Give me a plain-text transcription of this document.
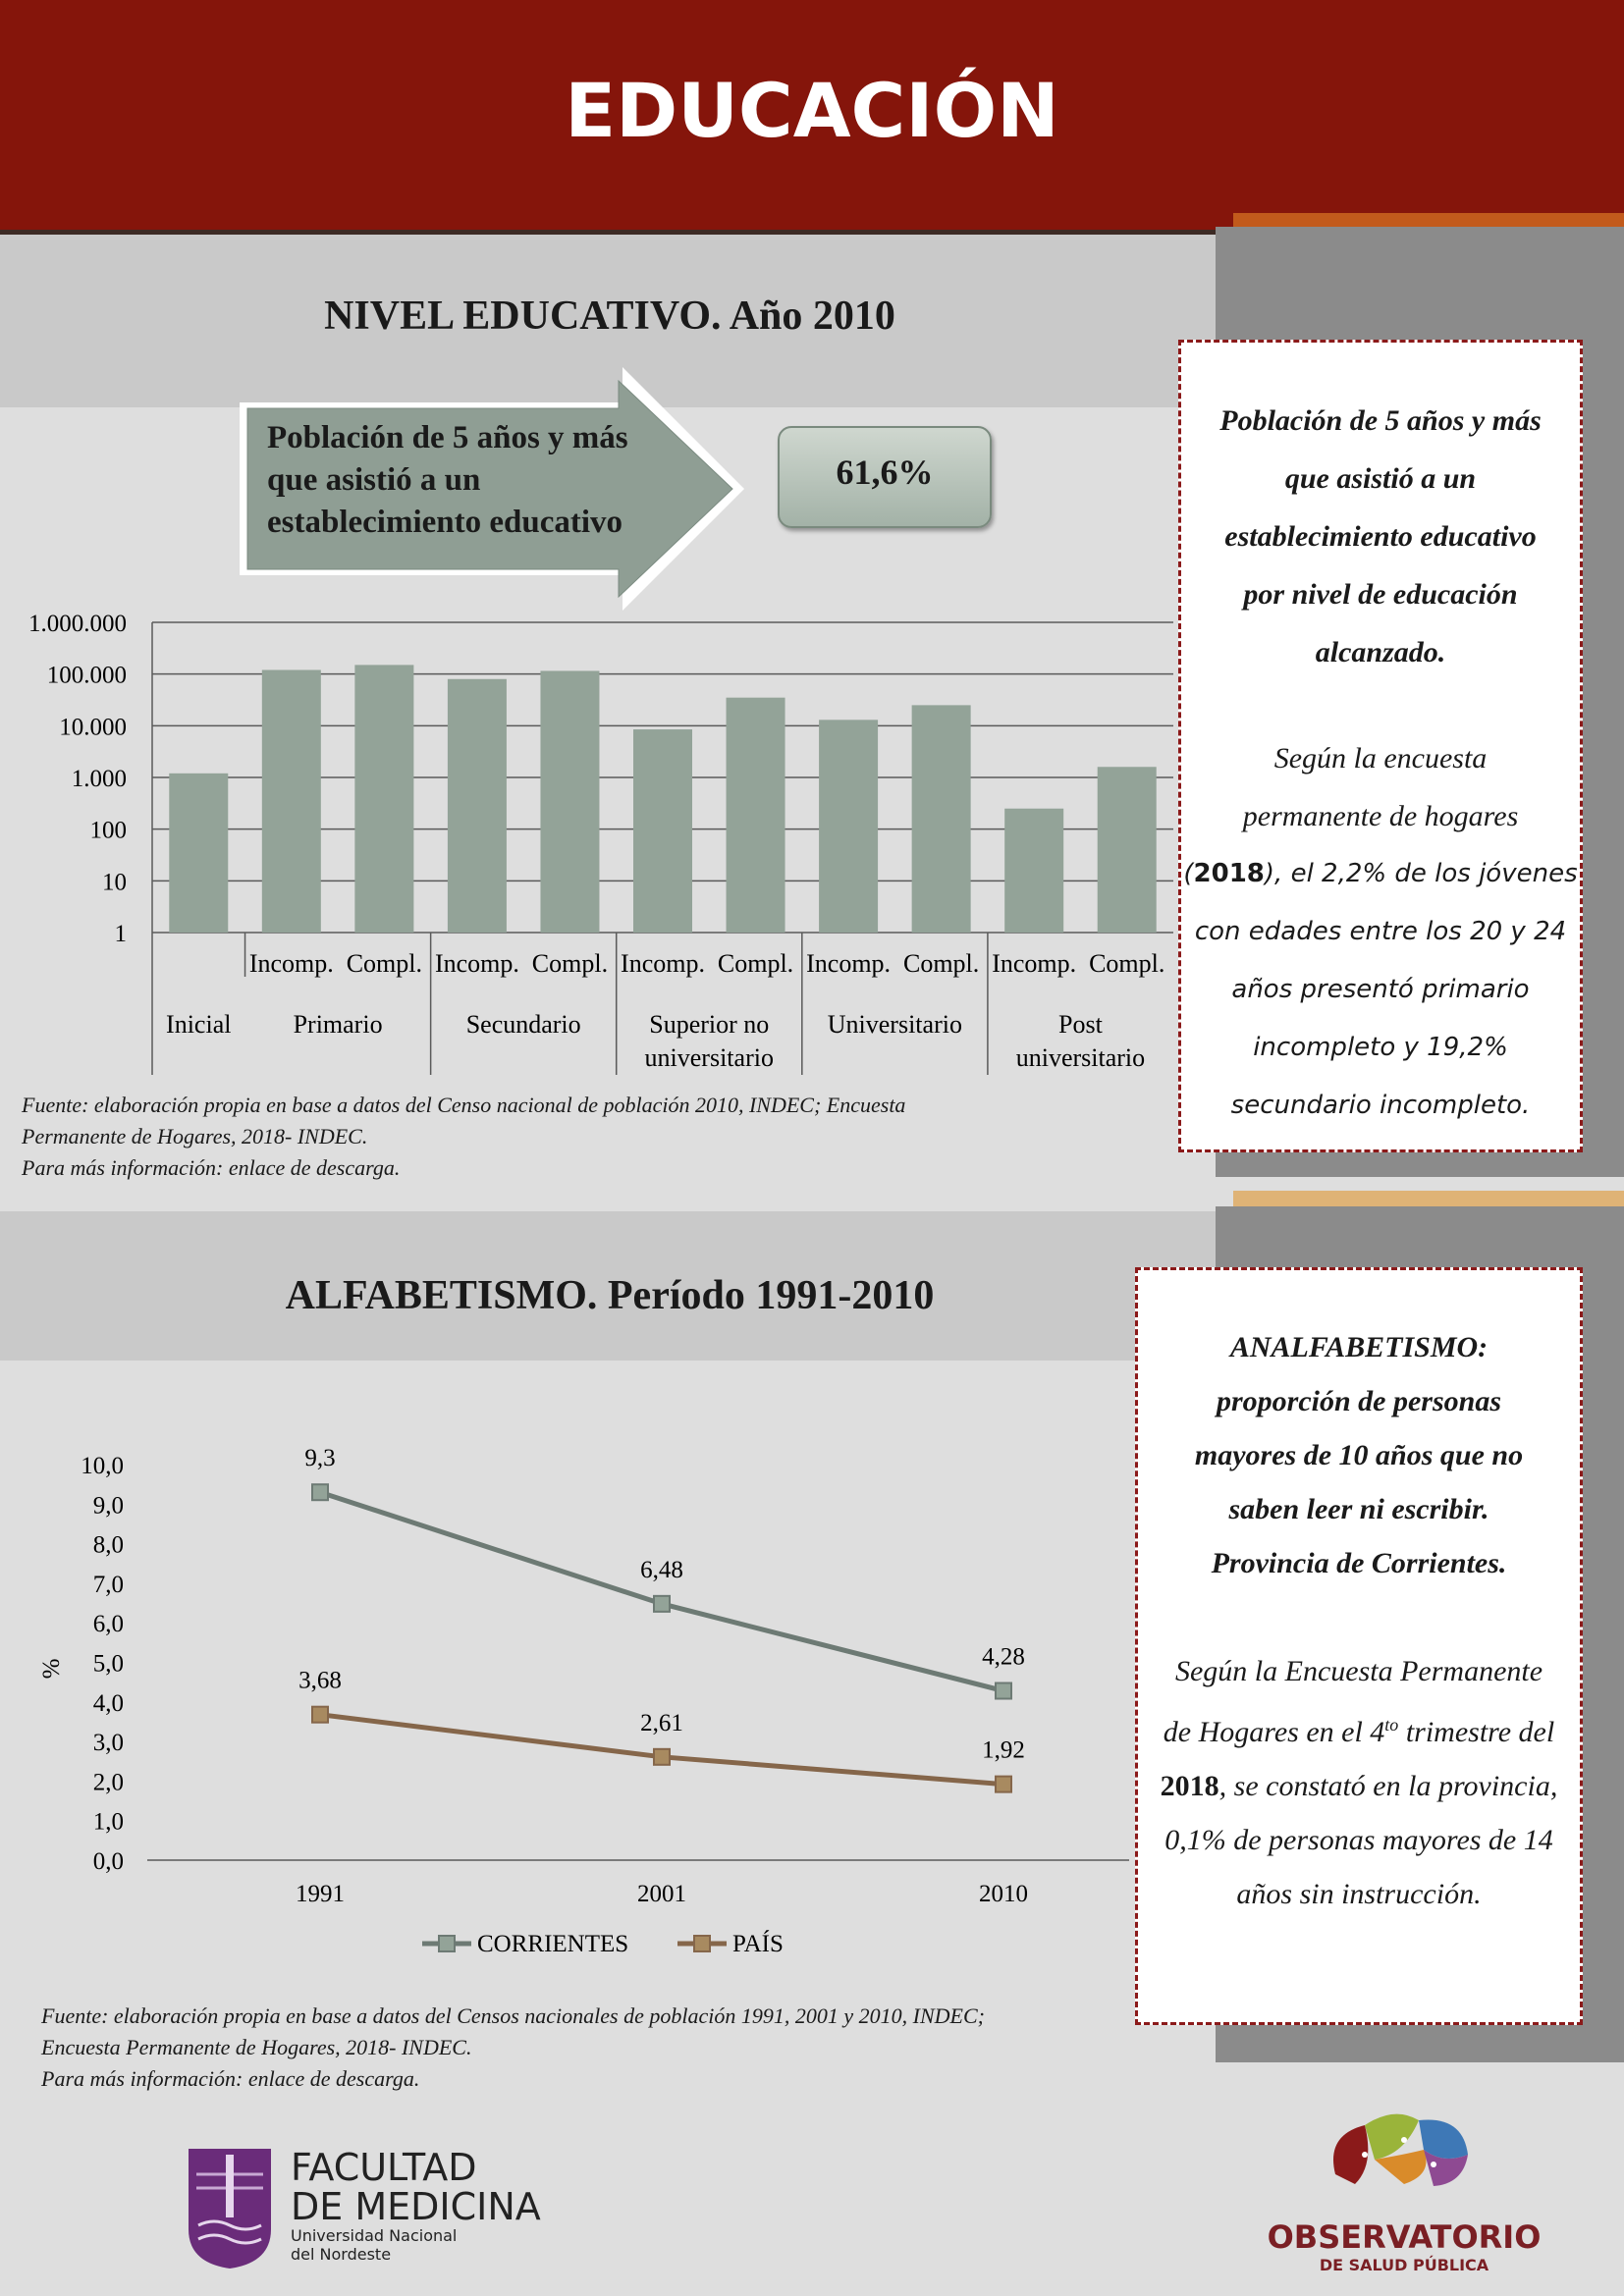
EDUCACIÓN
NIVEL EDUCATIVO. Año 2010
Población de 5 años y más
que asistió a un
establecimiento educativo
61,6%
1.000.000
100.000
10.000
1.000
100
10
1
Incomp. Compl. Incomp. Compl. Incomp. Compl. Incomp. Compl. Incomp. Compl.
Inicial Primario	Secundario	Superior no
universitario
Universitario	Post
universitario
Fuente: elaboración propia en base a datos del Censo nacional de población 2010, INDEC; Encuesta
Permanente de Hogares, 2018- INDEC.
Para más información: enlace de descarga.
Población de 5 años y más
que asistió a un
establecimiento educativo
por nivel de educación
alcanzado.
Según la encuesta
permanente de hogares
(2018), el 2,2% de los jóvenes
con edades entre los 20 y 24
años presentó primario
incompleto y 19,2%
secundario incompleto.
ALFABETISMO. Período 1991-2010
10,0
9,0
8,0
7,0
6,0
5,0
4,0
3,0
2,0
1,0
0,0
1991	2001	2010
%
9,3
6,48
4,28
3,68
2,61
1,92
CORRIENTES	PAÍS
Fuente: elaboración propia en base a datos del Censos nacionales de población 1991, 2001 y 2010, INDEC;
Encuesta Permanente de Hogares, 2018- INDEC.
Para más información: enlace de descarga.
ANALFABETISMO:
proporción de personas
mayores de 10 años que no
saben leer ni escribir.
Provincia de Corrientes.
Según la Encuesta Permanente
de Hogares en el $4^{to}$ trimestre del
2018, se constató en la provincia,
0,1% de personas mayores de 14
años sin instrucción.
FACULTAD
DE MEDICINA
Universidad Nacional
del Nordeste	OBSERVATORIO
DE SALUD PÚBLICA
